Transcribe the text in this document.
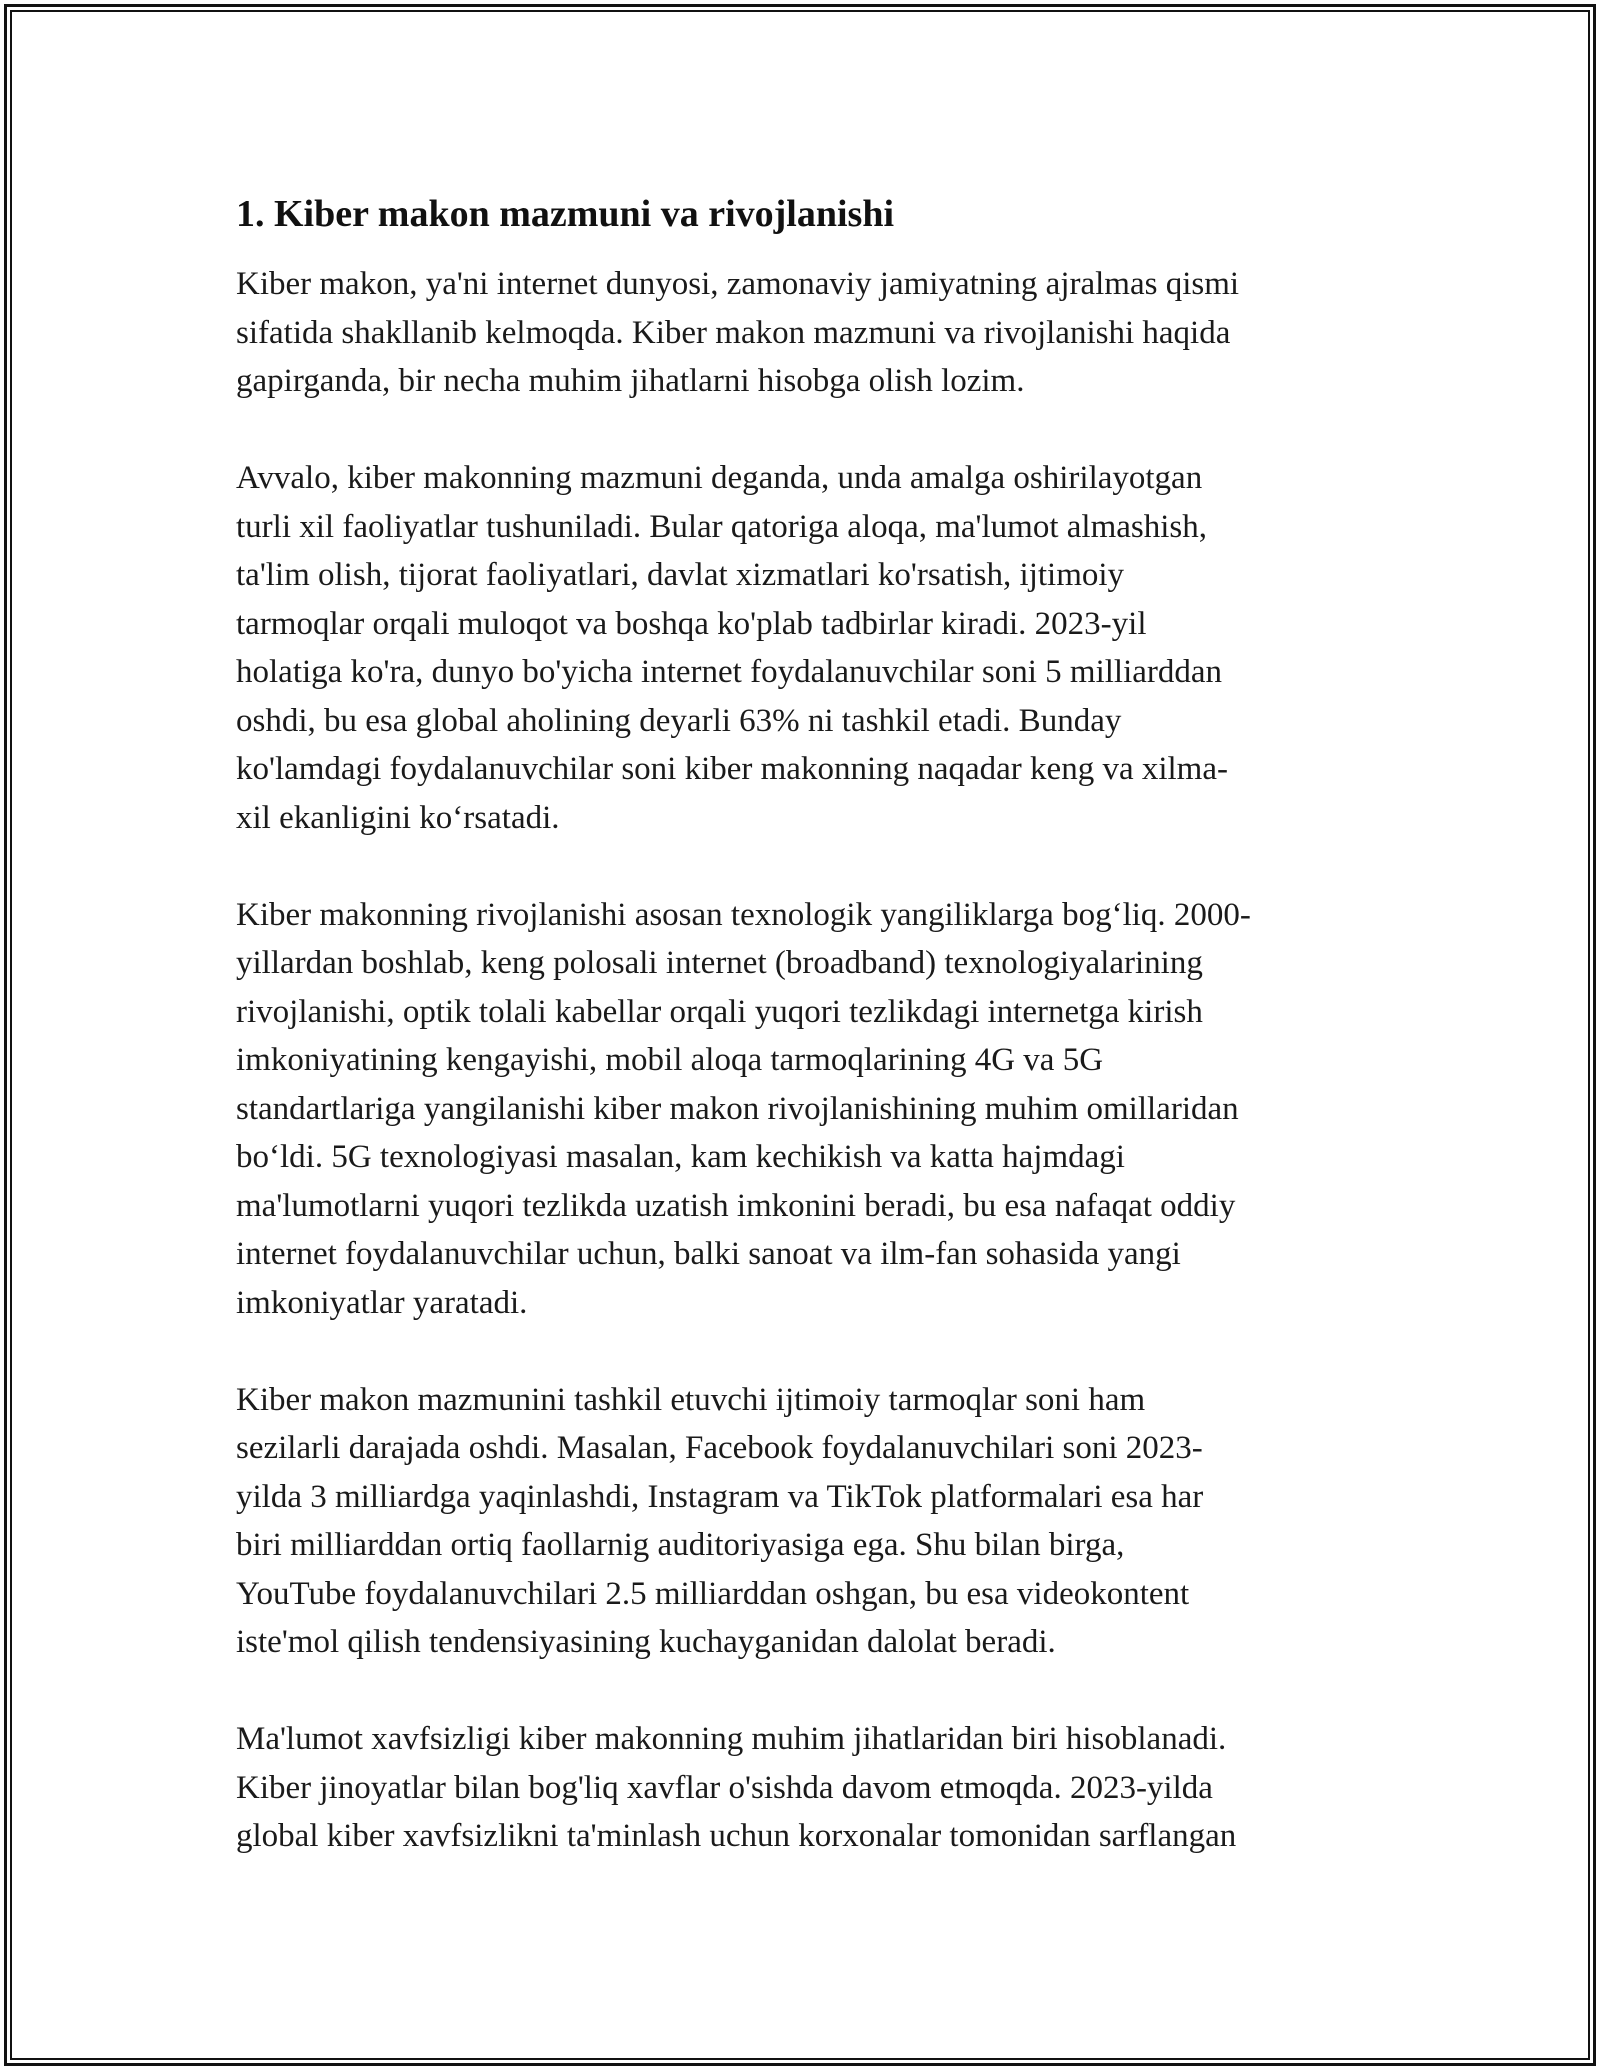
1. Kiber makon mazmuni va rivojlanishi

Kiber makon, ya'ni internet dunyosi, zamonaviy jamiyatning ajralmas qismi
sifatida shakllanib kelmoqda. Kiber makon mazmuni va rivojlanishi haqida
gapirganda, bir necha muhim jihatlarni hisobga olish lozim.

Avvalo, kiber makonning mazmuni deganda, unda amalga oshirilayotgan
turli xil faoliyatlar tushuniladi. Bular qatoriga aloqa, ma'lumot almashish,
ta'lim olish, tijorat faoliyatlari, davlat xizmatlari ko'rsatish, ijtimoiy
tarmoqlar orqali muloqot va boshqa ko'plab tadbirlar kiradi. 2023-yil
holatiga ko'ra, dunyo bo'yicha internet foydalanuvchilar soni 5 milliarddan
oshdi, bu esa global aholining deyarli 63% ni tashkil etadi. Bunday
ko'lamdagi foydalanuvchilar soni kiber makonning naqadar keng va xilma-
xil ekanligini ko‘rsatadi.

Kiber makonning rivojlanishi asosan texnologik yangiliklarga bog‘liq. 2000-
yillardan boshlab, keng polosali internet (broadband) texnologiyalarining
rivojlanishi, optik tolali kabellar orqali yuqori tezlikdagi internetga kirish
imkoniyatining kengayishi, mobil aloqa tarmoqlarining 4G va 5G
standartlariga yangilanishi kiber makon rivojlanishining muhim omillaridan
bo‘ldi. 5G texnologiyasi masalan, kam kechikish va katta hajmdagi
ma'lumotlarni yuqori tezlikda uzatish imkonini beradi, bu esa nafaqat oddiy
internet foydalanuvchilar uchun, balki sanoat va ilm-fan sohasida yangi
imkoniyatlar yaratadi.

Kiber makon mazmunini tashkil etuvchi ijtimoiy tarmoqlar soni ham
sezilarli darajada oshdi. Masalan, Facebook foydalanuvchilari soni 2023-
yilda 3 milliardga yaqinlashdi, Instagram va TikTok platformalari esa har
biri milliarddan ortiq faollarnig auditoriyasiga ega. Shu bilan birga,
YouTube foydalanuvchilari 2.5 milliarddan oshgan, bu esa videokontent
iste'mol qilish tendensiyasining kuchayganidan dalolat beradi.

Ma'lumot xavfsizligi kiber makonning muhim jihatlaridan biri hisoblanadi.
Kiber jinoyatlar bilan bog'liq xavflar o'sishda davom etmoqda. 2023-yilda
global kiber xavfsizlikni ta'minlash uchun korxonalar tomonidan sarflangan
